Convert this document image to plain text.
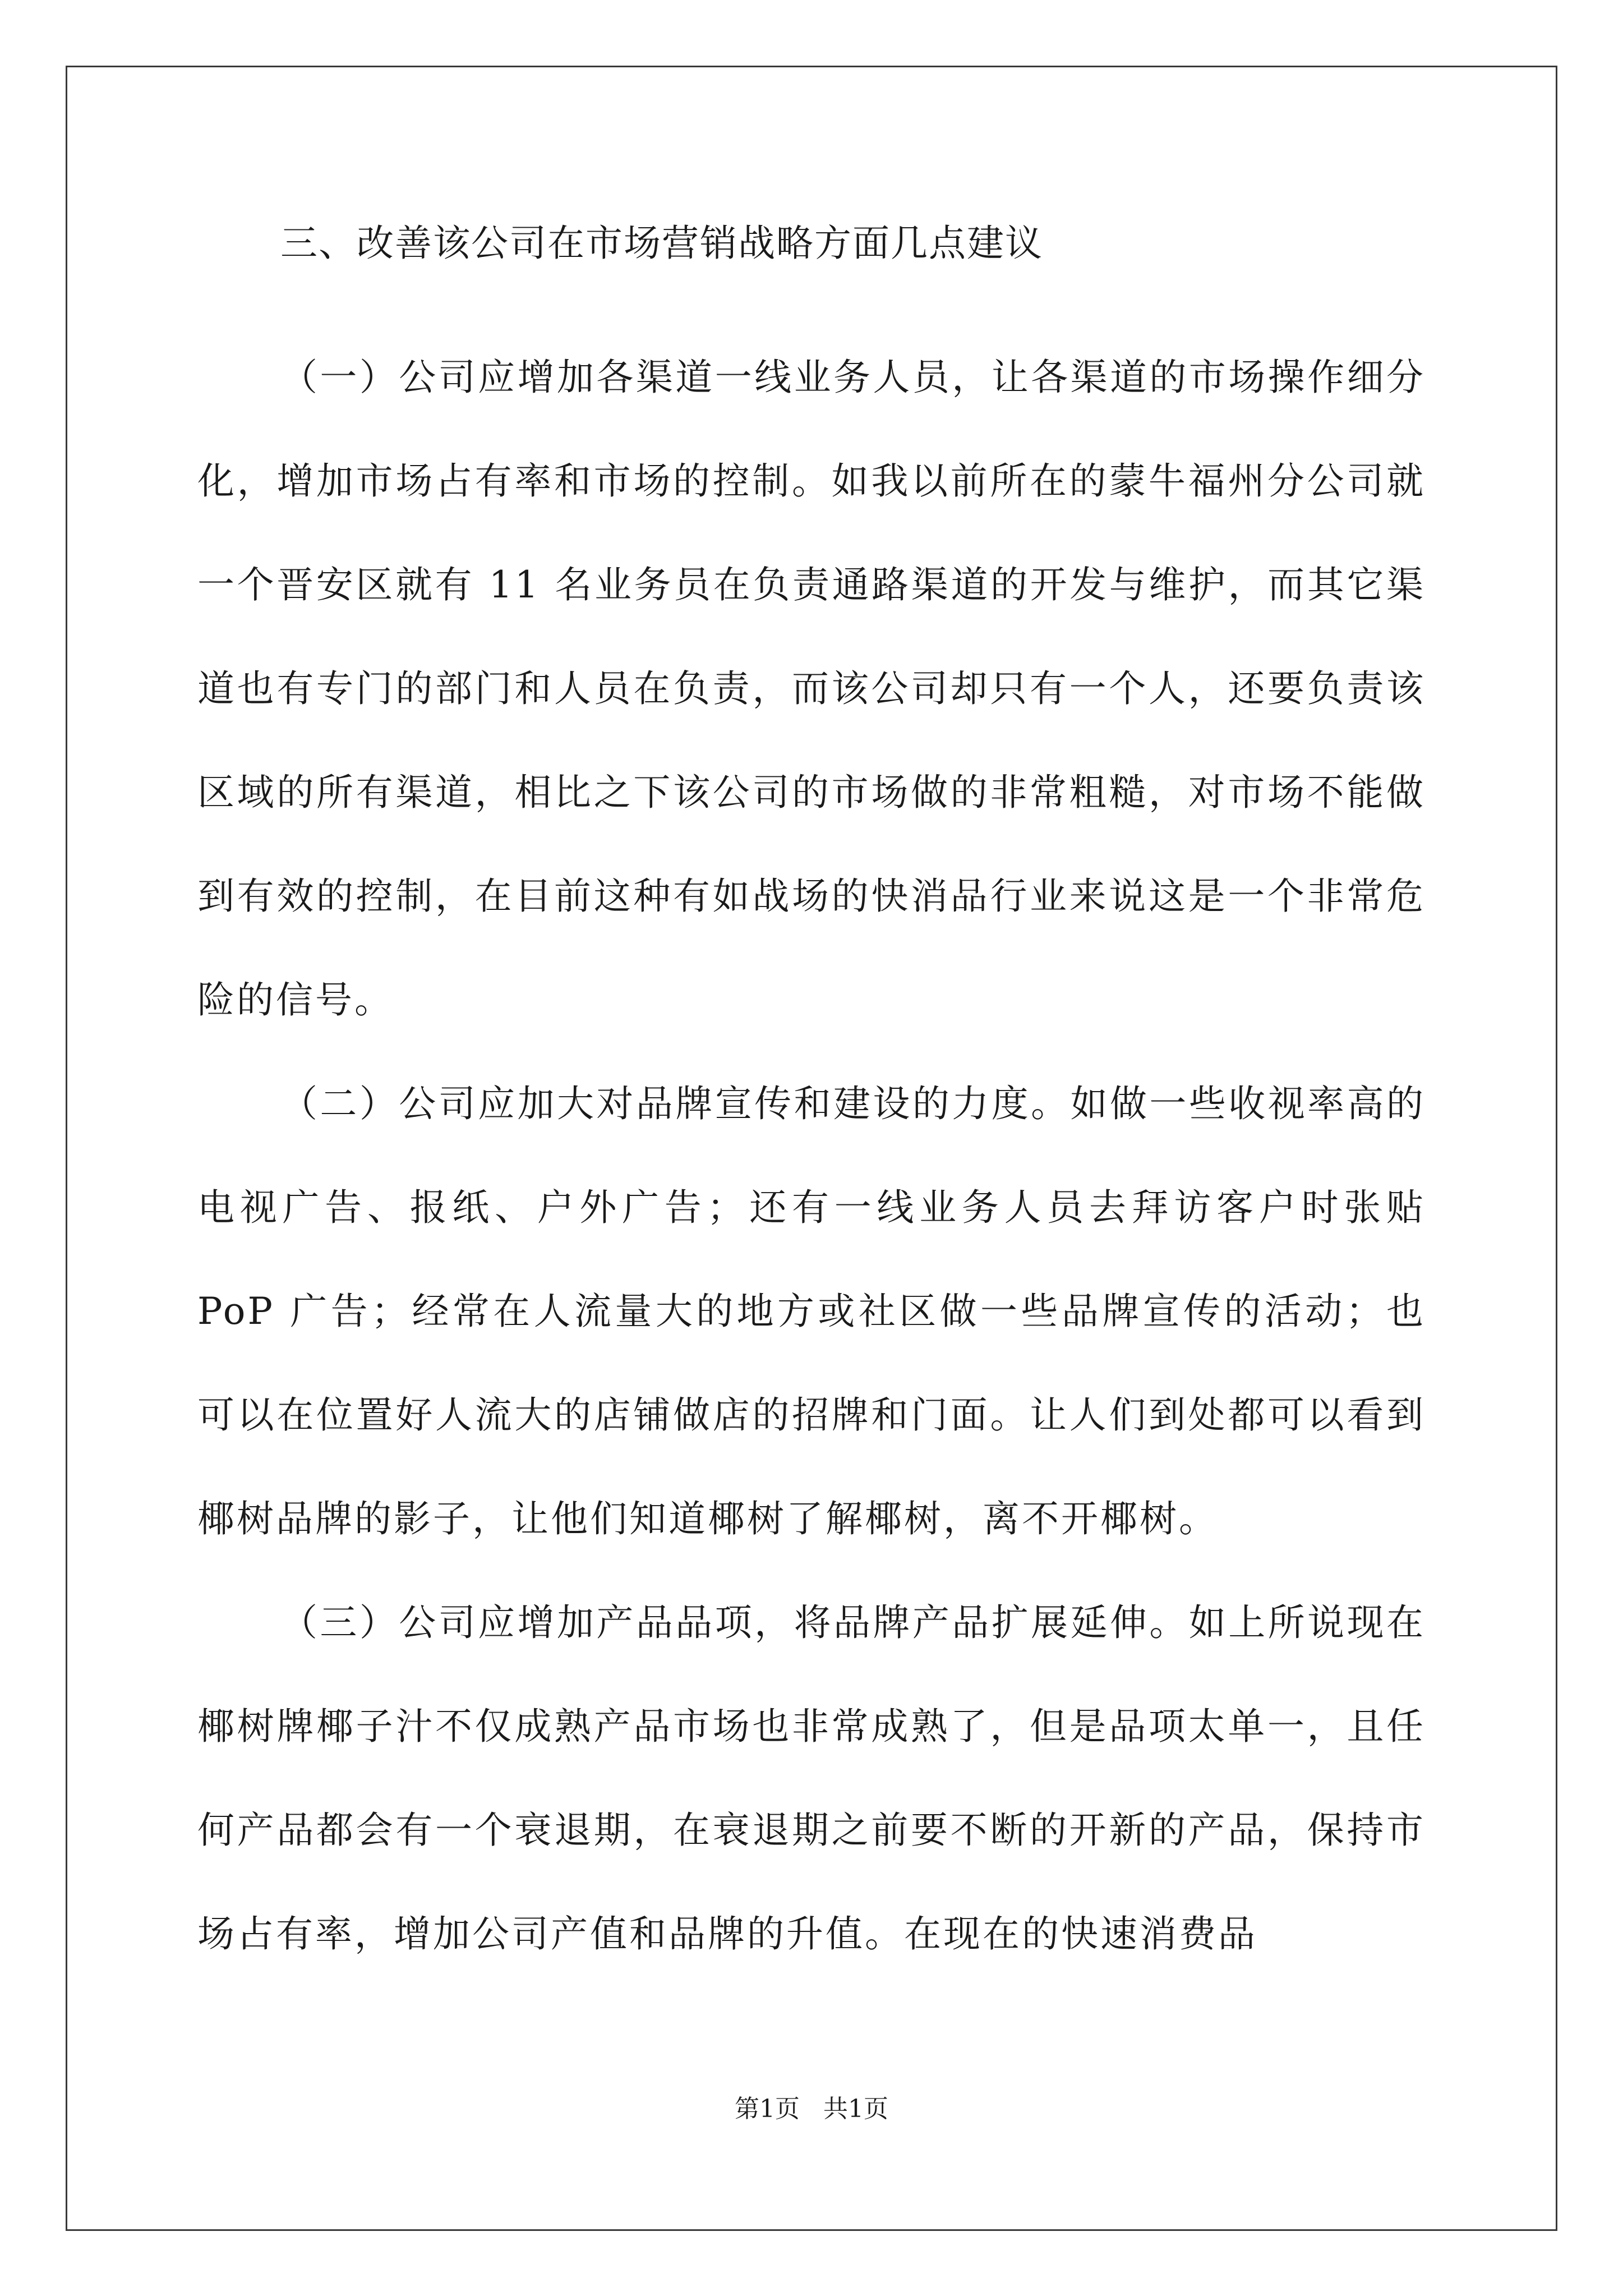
三、改善该公司在市场营销战略方面几点建议

（一）公司应增加各渠道一线业务人员，让各渠道的市场操作细分化，增加市场占有率和市场的控制。如我以前所在的蒙牛福州分公司就一个晋安区就有 11 名业务员在负责通路渠道的开发与维护，而其它渠道也有专门的部门和人员在负责，而该公司却只有一个人，还要负责该区域的所有渠道，相比之下该公司的市场做的非常粗糙，对市场不能做到有效的控制，在目前这种有如战场的快消品行业来说这是一个非常危险的信号。

（二）公司应加大对品牌宣传和建设的力度。如做一些收视率高的电视广告、报纸、户外广告；还有一线业务人员去拜访客户时张贴 PoP 广告；经常在人流量大的地方或社区做一些品牌宣传的活动；也可以在位置好人流大的店铺做店的招牌和门面。让人们到处都可以看到椰树品牌的影子，让他们知道椰树了解椰树，离不开椰树。

（三）公司应增加产品品项，将品牌产品扩展延伸。如上所说现在椰树牌椰子汁不仅成熟产品市场也非常成熟了，但是品项太单一，且任何产品都会有一个衰退期，在衰退期之前要不断的开新的产品，保持市场占有率，增加公司产值和品牌的升值。在现在的快速消费品

第1页   共1页
